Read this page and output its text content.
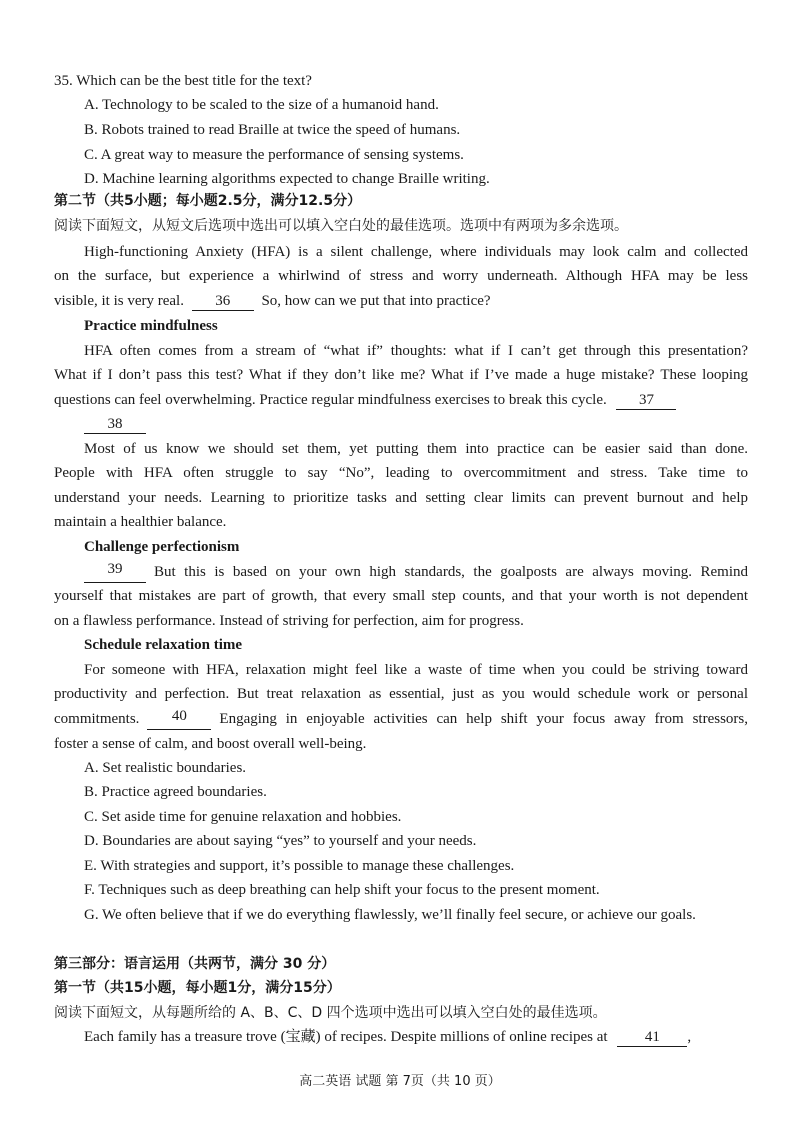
35. Which can be the best title for the text?
A. Technology to be scaled to the size of a humanoid hand.
B. Robots trained to read Braille at twice the speed of humans.
C. A great way to measure the performance of sensing systems.
D. Machine learning algorithms expected to change Braille writing.
第二节（共5小题；每小题2.5分，满分12.5分）
阅读下面短文，从短文后选项中选出可以填入空白处的最佳选项。选项中有两项为多余选项。
High-functioning Anxiety (HFA) is a silent challenge, where individuals may look calm and collected
on the surface, but experience a whirlwind of stress and worry underneath. Although HFA may be less
visible, it is very real. 36 So, how can we put that into practice?
Practice mindfulness
HFA often comes from a stream of “what if” thoughts: what if I can’t get through this presentation?
What if I don’t pass this test? What if they don’t like me? What if I’ve made a huge mistake? These looping
questions can feel overwhelming. Practice regular mindfulness exercises to break this cycle. 37
38
Most of us know we should set them, yet putting them into practice can be easier said than done.
People with HFA often struggle to say “No”, leading to overcommitment and stress. Take time to
understand your needs. Learning to prioritize tasks and setting clear limits can prevent burnout and help
maintain a healthier balance.
Challenge perfectionism
39	But this is based on your own high standards, the goalposts are always moving. Remind
yourself that mistakes are part of growth, that every small step counts, and that your worth is not dependent
on a flawless performance. Instead of striving for perfection, aim for progress.
Schedule relaxation time
For someone with HFA, relaxation might feel like a waste of time when you could be striving toward
productivity and perfection. But treat relaxation as essential, just as you would schedule work or personal
commitments.	40	Engaging in enjoyable activities can help shift your focus away from stressors,
foster a sense of calm, and boost overall well-being.
A. Set realistic boundaries.
B. Practice agreed boundaries.
C. Set aside time for genuine relaxation and hobbies.
D. Boundaries are about saying “yes” to yourself and your needs.
E. With strategies and support, it’s possible to manage these challenges.
F. Techniques such as deep breathing can help shift your focus to the present moment.
G. We often believe that if we do everything flawlessly, we’ll finally feel secure, or achieve our goals.
第三部分：语言运用（共两节，满分 30 分）
第一节（共15小题，每小题1分，满分15分）
阅读下面短文，从每题所给的 A、B、C、D 四个选项中选出可以填入空白处的最佳选项。
Each family has a treasure trove (宝藏) of recipes. Despite millions of online recipes at 41 ,
高二英语 试题 第 7页（共 10 页）
